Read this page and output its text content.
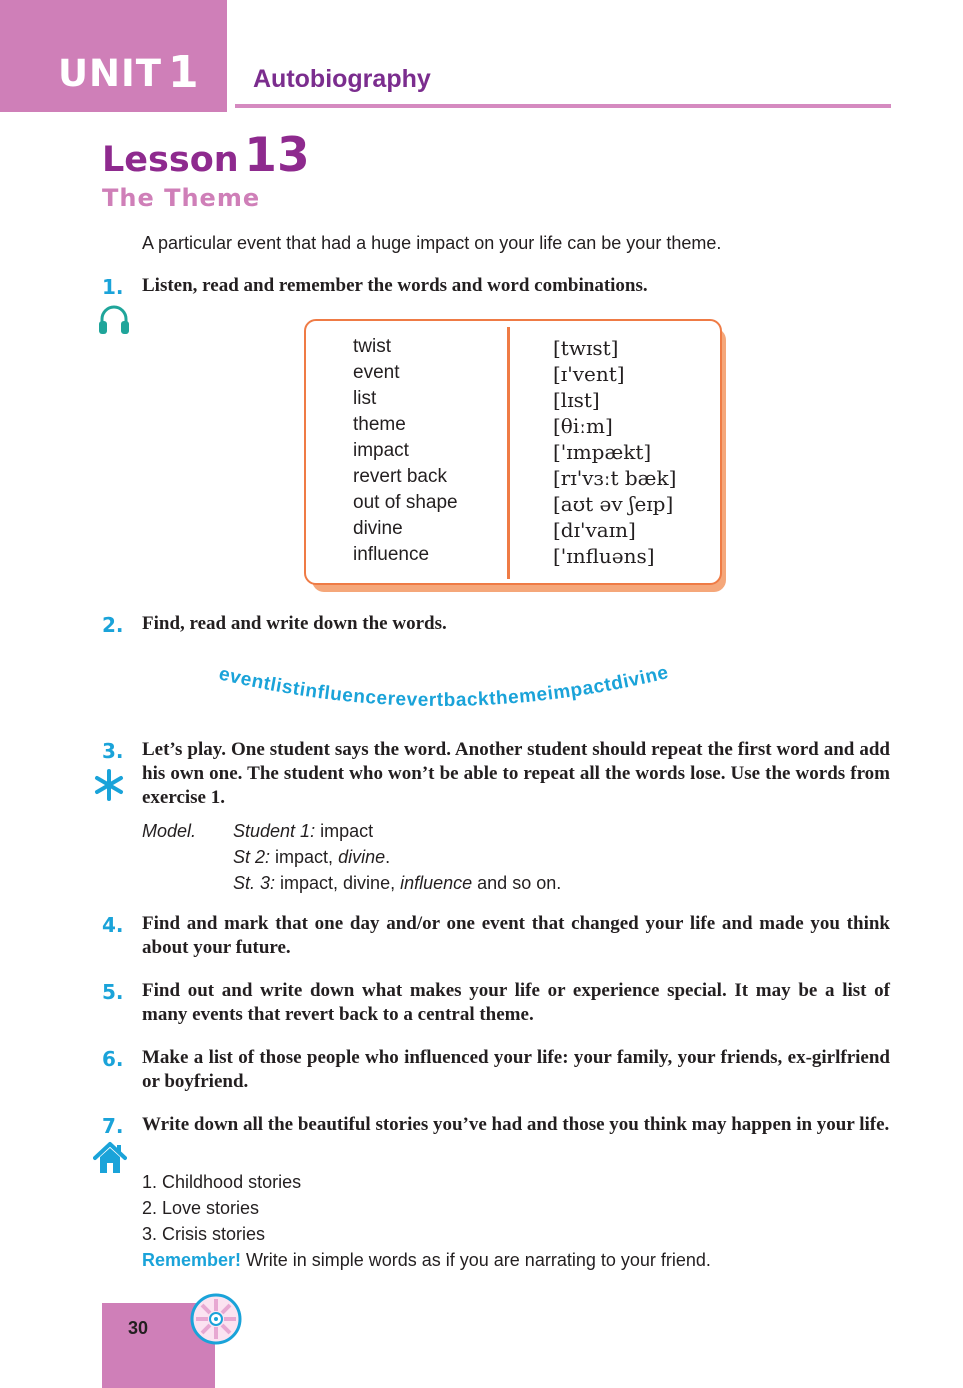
UNIT 1 Autobiography
Lesson 13
The Theme
A particular event that had a huge impact on your life can be your theme.
1. Listen, read and remember the words and word combinations.
twist
event
list
theme
impact
revert back
out of shape
divine
influence
[twɪst]
[ɪ'vent]
[lɪst]
[θiːm]
['ɪmpækt]
[rɪ'vɜːt bæk]
[aʊt əv ʃeɪp]
[dɪ'vaɪn]
['ɪnfluəns]
2. Find, read and write down the words.
eventlistinfluencerevertbackthemeimpactdivine
3. Let’s play. One student says the word. Another student should repeat the first word and add his own one. The student who won’t be able to repeat all the words lose. Use the words from exercise 1.
Model. Student 1: impact
St 2: impact, divine.
St. 3: impact, divine, influence and so on.
4. Find and mark that one day and/or one event that changed your life and made you think about your future.
5. Find out and write down what makes your life or experience special. It may be a list of many events that revert back to a central theme.
6. Make a list of those people who influenced your life: your family, your friends, ex-girlfriend or boyfriend.
7. Write down all the beautiful stories you’ve had and those you think may happen in your life.
1. Childhood stories
2. Love stories
3. Crisis stories
Remember! Write in simple words as if you are narrating to your friend.
30
